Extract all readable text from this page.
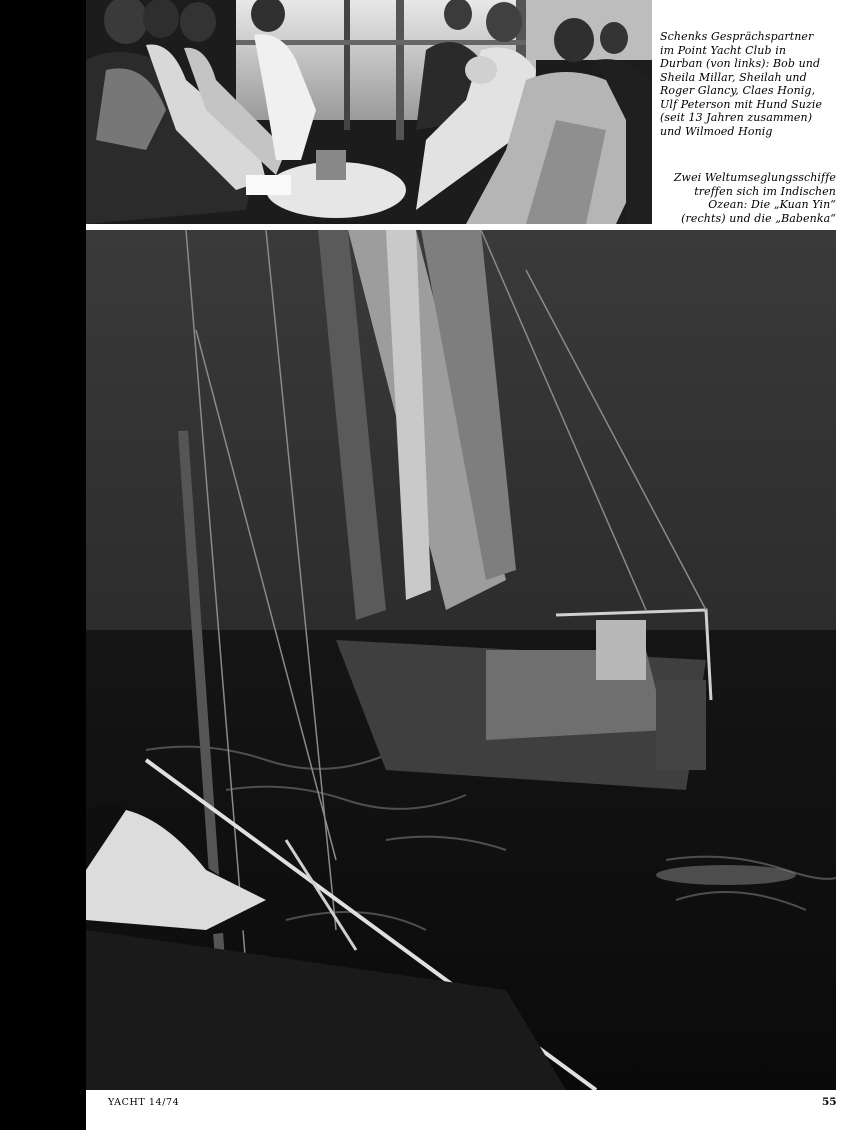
Schenks Gesprächspartner
im Point Yacht Club in
Durban (von links): Bob und
Sheila Millar, Sheilah und
Roger Glancy, Claes Honig,
Ulf Peterson mit Hund Suzie
(seit 13 Jahren zusammen)
und Wilmoed Honig
Zwei Weltumseglungsschiffe
treffen sich im Indischen
Ozean: Die „Kuan Yin“
(rechts) und die „Babenka“
YACHT 14/74	55
